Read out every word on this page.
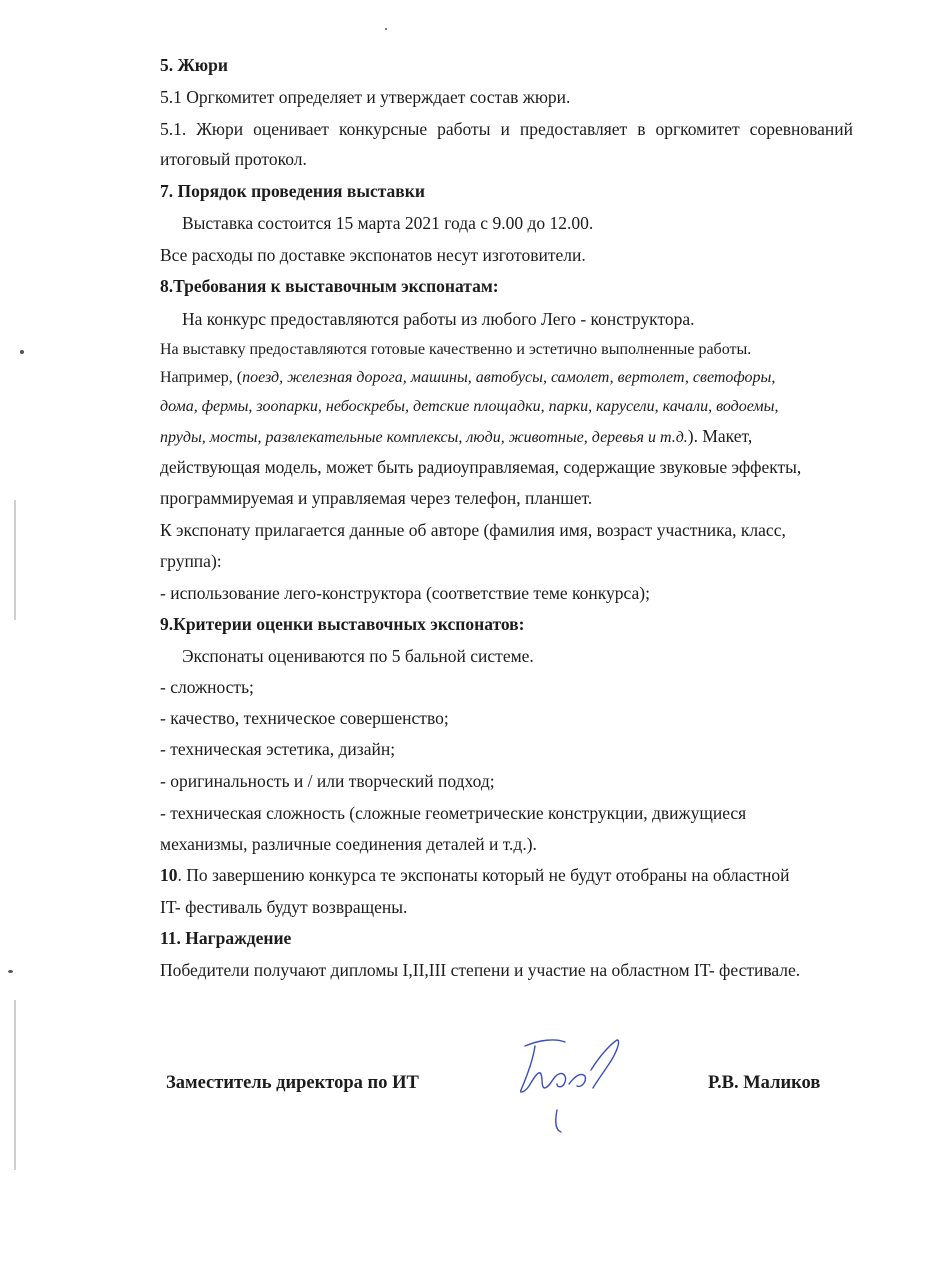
5. Жюри
5.1 Оргкомитет определяет и утверждает состав жюри.
5.1. Жюри оценивает конкурсные работы и предоставляет в оргкомитет соревнований
итоговый протокол.
7. Порядок проведения выставки
Выставка состоится 15 марта 2021 года с 9.00 до 12.00.
Все расходы по доставке экспонатов несут изготовители.
8.Требования к выставочным экспонатам:
На конкурс предоставляются работы из любого Лего - конструктора.
На выставку предоставляются готовые качественно и эстетично выполненные работы.
Например, (поезд, железная дорога, машины, автобусы, самолет, вертолет, светофоры,
дома, фермы, зоопарки, небоскребы, детские площадки, парки, карусели, качали, водоемы,
пруды, мосты, развлекательные комплексы, люди, животные, деревья и т.д.). Макет,
действующая модель, может быть радиоуправляемая, содержащие звуковые эффекты,
программируемая и управляемая через телефон, планшет.
К экспонату прилагается данные об авторе (фамилия имя, возраст участника, класс,
группа):
- использование лего-конструктора (соответствие теме конкурса);
9.Критерии оценки выставочных экспонатов:
Экспонаты оцениваются по 5 бальной системе.
- сложность;
- качество, техническое совершенство;
- техническая эстетика, дизайн;
- оригинальность и / или творческий подход;
- техническая сложность (сложные геометрические конструкции, движущиеся
механизмы, различные соединения деталей и т.д.).
10. По завершению конкурса те экспонаты который не будут отобраны на областной
IT- фестиваль будут возвращены.
11. Награждение
Победители получают дипломы I,II,III степени и участие на областном IT- фестивале.
Заместитель директора по ИТ	Р.В. Маликов
